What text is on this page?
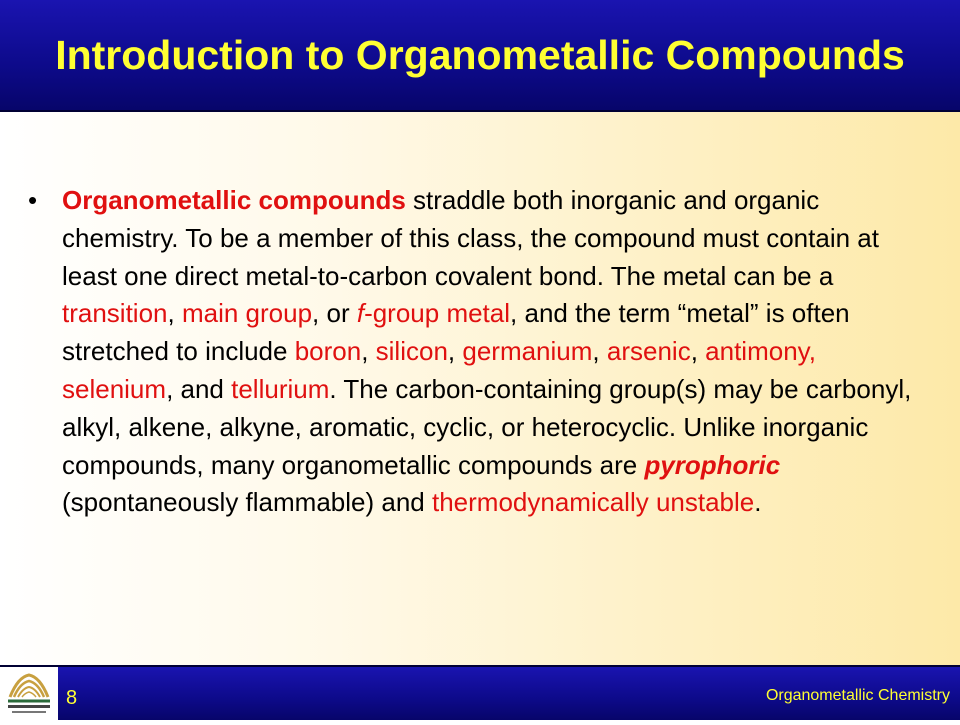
Introduction to Organometallic Compounds
• Organometallic compounds straddle both inorganic and organic chemistry. To be a member of this class, the compound must contain at least one direct metal-to-carbon covalent bond. The metal can be a transition, main group, or f-group metal, and the term “metal” is often stretched to include boron, silicon, germanium, arsenic, antimony, selenium, and tellurium. The carbon-containing group(s) may be carbonyl, alkyl, alkene, alkyne, aromatic, cyclic, or heterocyclic. Unlike inorganic compounds, many organometallic compounds are pyrophoric (spontaneously flammable) and thermodynamically unstable.
8	Organometallic Chemistry
